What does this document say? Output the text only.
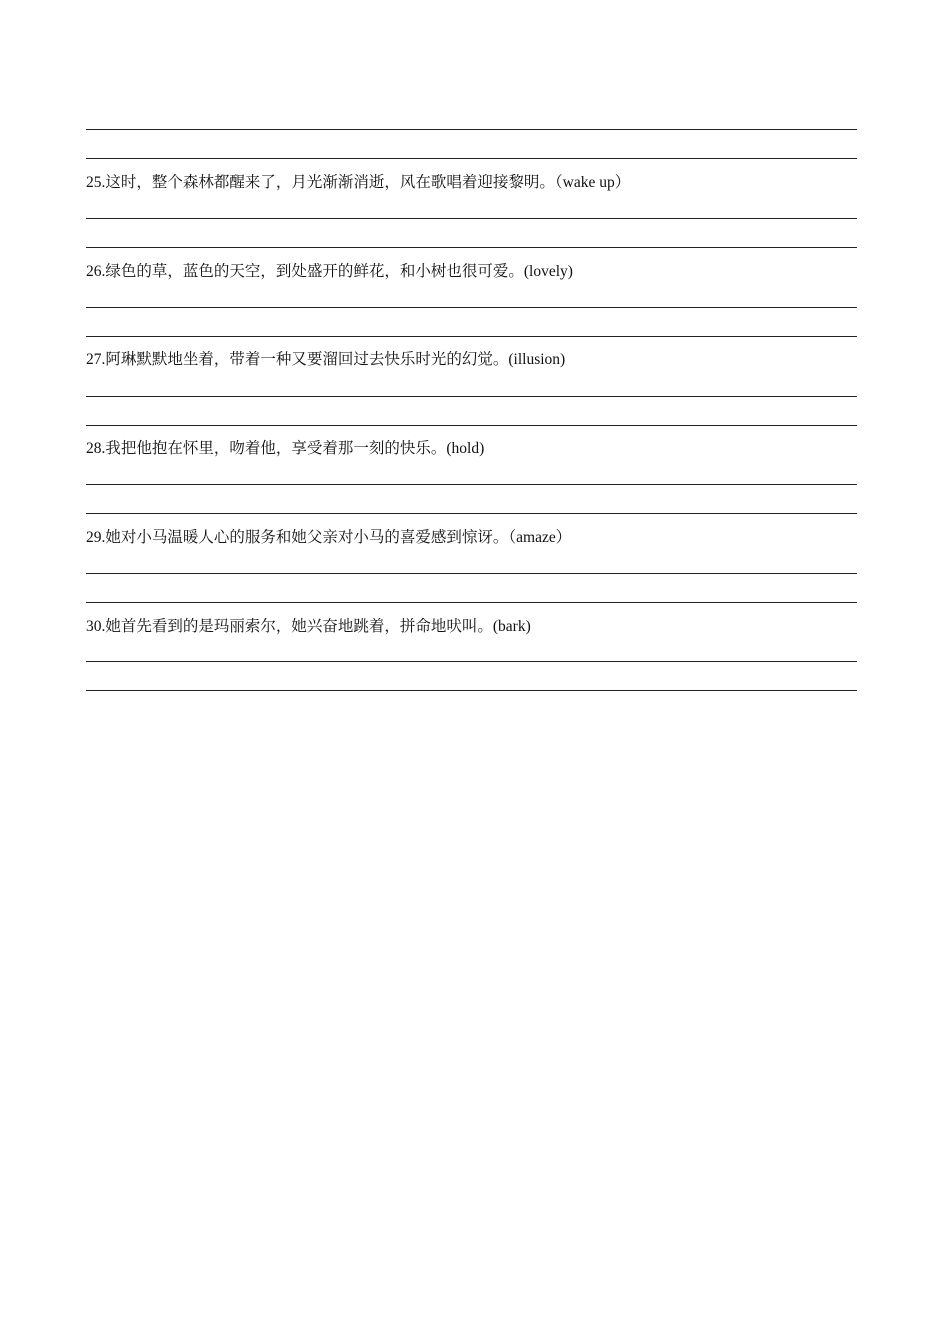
25.这时，整个森林都醒来了，月光渐渐消逝，风在歌唱着迎接黎明。（wake up）
26.绿色的草，蓝色的天空，到处盛开的鲜花，和小树也很可爱。(lovely)
27.阿琳默默地坐着，带着一种又要溜回过去快乐时光的幻觉。(illusion)
28.我把他抱在怀里，吻着他，享受着那一刻的快乐。(hold)
29.她对小马温暖人心的服务和她父亲对小马的喜爱感到惊讶。（amaze）
30.她首先看到的是玛丽索尔，她兴奋地跳着，拼命地吠叫。(bark)
